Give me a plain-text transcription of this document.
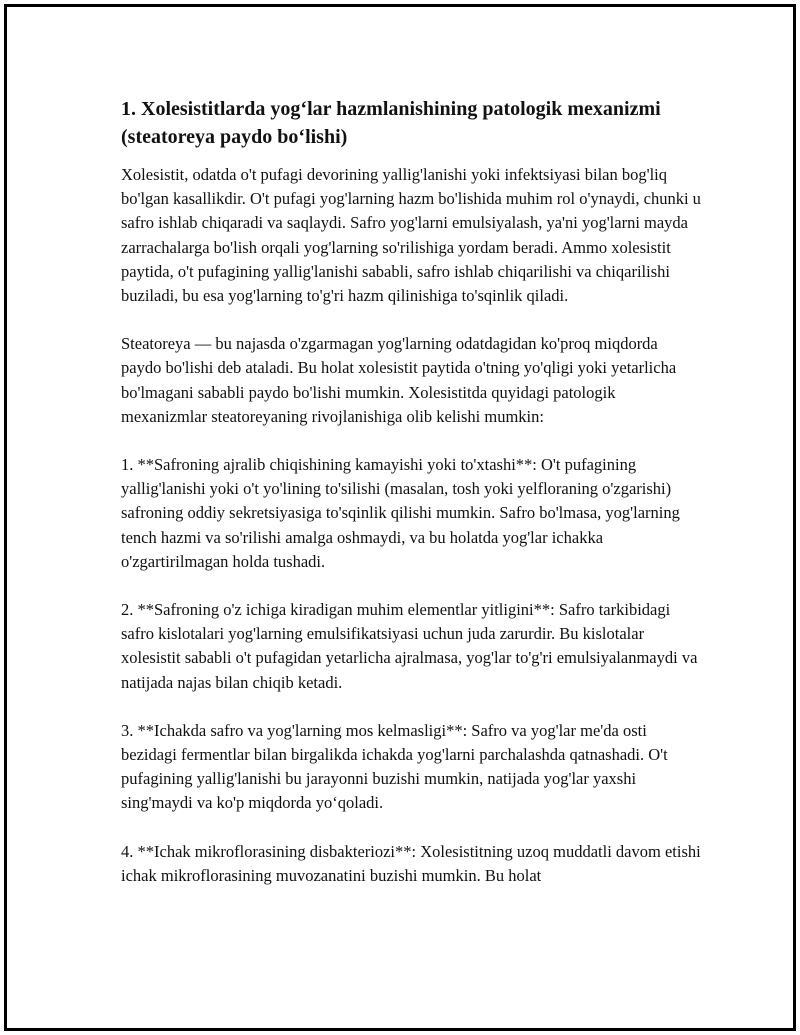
1. Xolesistitlarda yog‘lar hazmlanishining patologik mexanizmi (steatoreya paydo bo‘lishi)

Xolesistit, odatda o't pufagi devorining yallig'lanishi yoki infektsiyasi bilan bog'liq bo'lgan kasallikdir. O't pufagi yog'larning hazm bo'lishida muhim rol o'ynaydi, chunki u safro ishlab chiqaradi va saqlaydi. Safro yog'larni emulsiyalash, ya'ni yog'larni mayda zarrachalarga bo'lish orqali yog'larning so'rilishiga yordam beradi. Ammo xolesistit paytida, o't pufagining yallig'lanishi sababli, safro ishlab chiqarilishi va chiqarilishi buziladi, bu esa yog'larning to'g'ri hazm qilinishiga to'sqinlik qiladi.

Steatoreya — bu najasda o'zgarmagan yog'larning odatdagidan ko'proq miqdorda paydo bo'lishi deb ataladi. Bu holat xolesistit paytida o'tning yo'qligi yoki yetarlicha bo'lmagani sababli paydo bo'lishi mumkin. Xolesistitda quyidagi patologik mexanizmlar steatoreyaning rivojlanishiga olib kelishi mumkin:

1. **Safroning ajralib chiqishining kamayishi yoki to'xtashi**: O't pufagining yallig'lanishi yoki o't yo'lining to'silishi (masalan, tosh yoki yelfloraning o'zgarishi) safroning oddiy sekretsiyasiga to'sqinlik qilishi mumkin. Safro bo'lmasa, yog'larning tench hazmi va so'rilishi amalga oshmaydi, va bu holatda yog'lar ichakka o'zgartirilmagan holda tushadi.

2. **Safroning o'z ichiga kiradigan muhim elementlar yitligini**: Safro tarkibidagi safro kislotalari yog'larning emulsifikatsiyasi uchun juda zarurdir. Bu kislotalar xolesistit sababli o't pufagidan yetarlicha ajralmasa, yog'lar to'g'ri emulsiyalanmaydi va natijada najas bilan chiqib ketadi.

3. **Ichakda safro va yog'larning mos kelmasligi**: Safro va yog'lar me'da osti bezidagi fermentlar bilan birgalikda ichakda yog'larni parchalashda qatnashadi. O't pufagining yallig'lanishi bu jarayonni buzishi mumkin, natijada yog'lar yaxshi sing'maydi va ko'p miqdorda yo‘qoladi.

4. **Ichak mikroflorasining disbakteriozi**: Xolesistitning uzoq muddatli davom etishi ichak mikroflorasining muvozanatini buzishi mumkin. Bu holat
